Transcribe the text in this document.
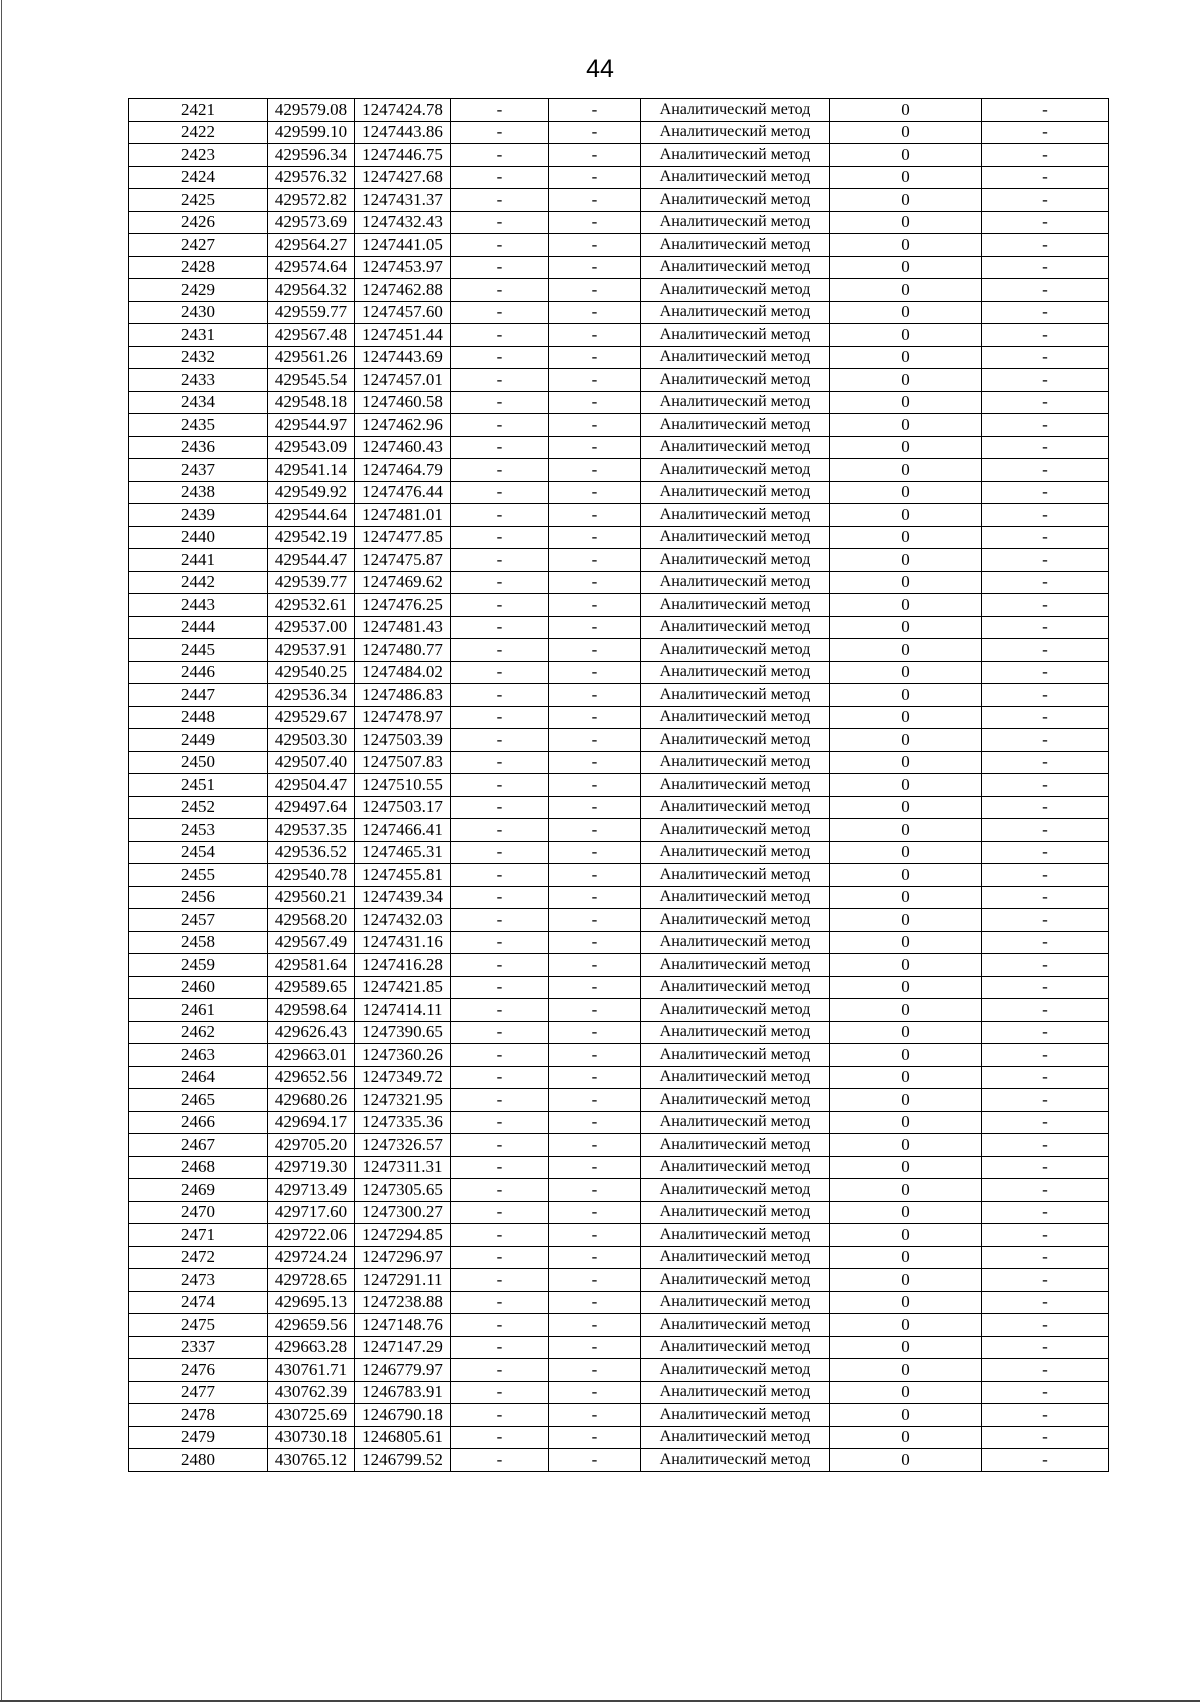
44
2421	429579.08	1247424.78	-	-	Аналитический метод	0	-
2422	429599.10	1247443.86	-	-	Аналитический метод	0	-
2423	429596.34	1247446.75	-	-	Аналитический метод	0	-
2424	429576.32	1247427.68	-	-	Аналитический метод	0	-
2425	429572.82	1247431.37	-	-	Аналитический метод	0	-
2426	429573.69	1247432.43	-	-	Аналитический метод	0	-
2427	429564.27	1247441.05	-	-	Аналитический метод	0	-
2428	429574.64	1247453.97	-	-	Аналитический метод	0	-
2429	429564.32	1247462.88	-	-	Аналитический метод	0	-
2430	429559.77	1247457.60	-	-	Аналитический метод	0	-
2431	429567.48	1247451.44	-	-	Аналитический метод	0	-
2432	429561.26	1247443.69	-	-	Аналитический метод	0	-
2433	429545.54	1247457.01	-	-	Аналитический метод	0	-
2434	429548.18	1247460.58	-	-	Аналитический метод	0	-
2435	429544.97	1247462.96	-	-	Аналитический метод	0	-
2436	429543.09	1247460.43	-	-	Аналитический метод	0	-
2437	429541.14	1247464.79	-	-	Аналитический метод	0	-
2438	429549.92	1247476.44	-	-	Аналитический метод	0	-
2439	429544.64	1247481.01	-	-	Аналитический метод	0	-
2440	429542.19	1247477.85	-	-	Аналитический метод	0	-
2441	429544.47	1247475.87	-	-	Аналитический метод	0	-
2442	429539.77	1247469.62	-	-	Аналитический метод	0	-
2443	429532.61	1247476.25	-	-	Аналитический метод	0	-
2444	429537.00	1247481.43	-	-	Аналитический метод	0	-
2445	429537.91	1247480.77	-	-	Аналитический метод	0	-
2446	429540.25	1247484.02	-	-	Аналитический метод	0	-
2447	429536.34	1247486.83	-	-	Аналитический метод	0	-
2448	429529.67	1247478.97	-	-	Аналитический метод	0	-
2449	429503.30	1247503.39	-	-	Аналитический метод	0	-
2450	429507.40	1247507.83	-	-	Аналитический метод	0	-
2451	429504.47	1247510.55	-	-	Аналитический метод	0	-
2452	429497.64	1247503.17	-	-	Аналитический метод	0	-
2453	429537.35	1247466.41	-	-	Аналитический метод	0	-
2454	429536.52	1247465.31	-	-	Аналитический метод	0	-
2455	429540.78	1247455.81	-	-	Аналитический метод	0	-
2456	429560.21	1247439.34	-	-	Аналитический метод	0	-
2457	429568.20	1247432.03	-	-	Аналитический метод	0	-
2458	429567.49	1247431.16	-	-	Аналитический метод	0	-
2459	429581.64	1247416.28	-	-	Аналитический метод	0	-
2460	429589.65	1247421.85	-	-	Аналитический метод	0	-
2461	429598.64	1247414.11	-	-	Аналитический метод	0	-
2462	429626.43	1247390.65	-	-	Аналитический метод	0	-
2463	429663.01	1247360.26	-	-	Аналитический метод	0	-
2464	429652.56	1247349.72	-	-	Аналитический метод	0	-
2465	429680.26	1247321.95	-	-	Аналитический метод	0	-
2466	429694.17	1247335.36	-	-	Аналитический метод	0	-
2467	429705.20	1247326.57	-	-	Аналитический метод	0	-
2468	429719.30	1247311.31	-	-	Аналитический метод	0	-
2469	429713.49	1247305.65	-	-	Аналитический метод	0	-
2470	429717.60	1247300.27	-	-	Аналитический метод	0	-
2471	429722.06	1247294.85	-	-	Аналитический метод	0	-
2472	429724.24	1247296.97	-	-	Аналитический метод	0	-
2473	429728.65	1247291.11	-	-	Аналитический метод	0	-
2474	429695.13	1247238.88	-	-	Аналитический метод	0	-
2475	429659.56	1247148.76	-	-	Аналитический метод	0	-
2337	429663.28	1247147.29	-	-	Аналитический метод	0	-
2476	430761.71	1246779.97	-	-	Аналитический метод	0	-
2477	430762.39	1246783.91	-	-	Аналитический метод	0	-
2478	430725.69	1246790.18	-	-	Аналитический метод	0	-
2479	430730.18	1246805.61	-	-	Аналитический метод	0	-
2480	430765.12	1246799.52	-	-	Аналитический метод	0	-
